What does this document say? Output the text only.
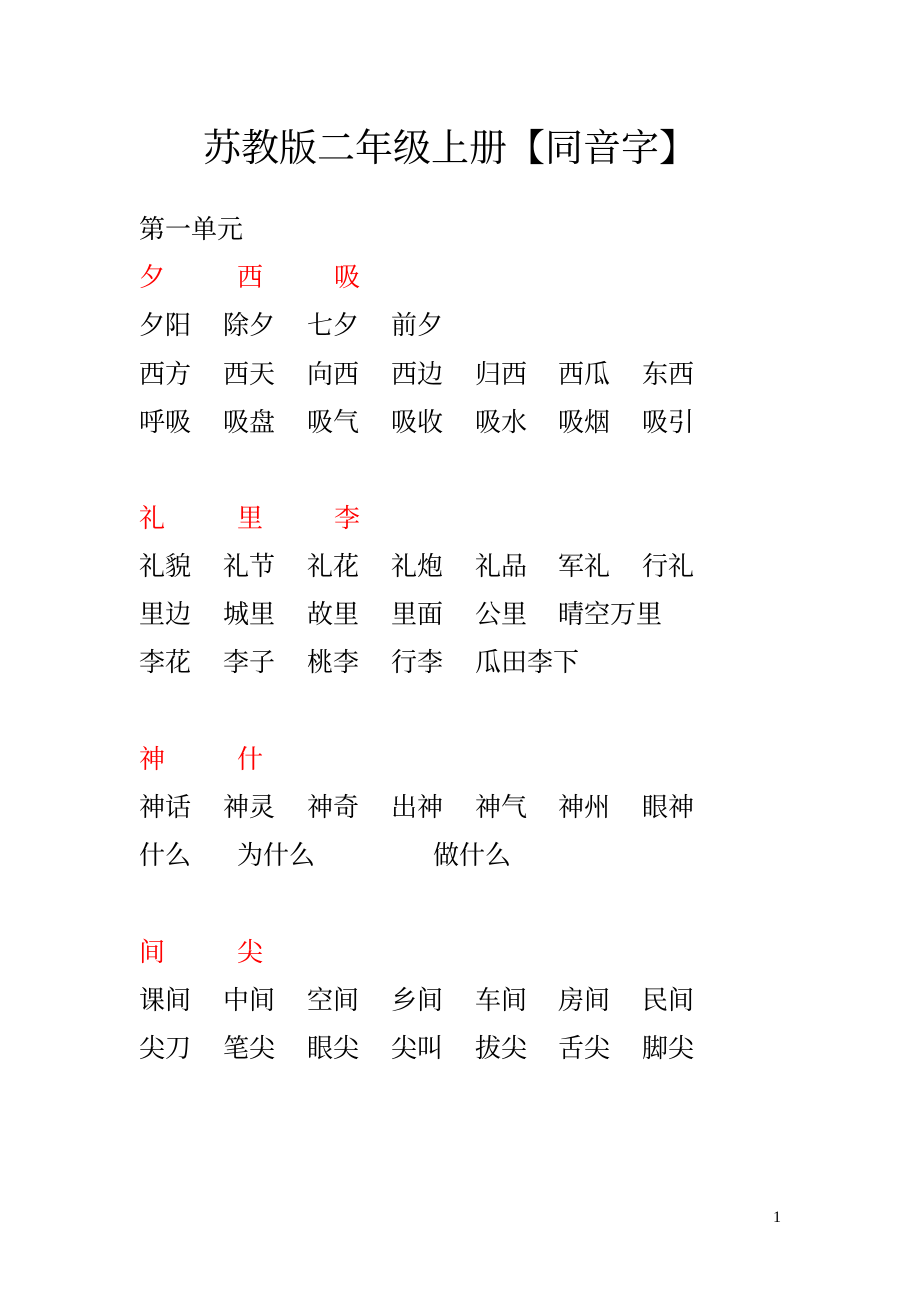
苏教版二年级上册【同音字】
第一单元
夕	西	吸
夕阳 除夕 七夕 前夕
西方 西天 向西 西边 归西 西瓜 东西
呼吸 吸盘 吸气 吸收 吸水 吸烟 吸引
礼	里	李
礼貌 礼节 礼花 礼炮 礼品 军礼 行礼
里边 城里 故里 里面 公里 晴空万里
李花 李子 桃李 行李 瓜田李下
神	什
神话 神灵 神奇 出神 神气 神州 眼神
什么 为什么	做什么
间	尖
课间 中间 空间 乡间 车间 房间 民间
尖刀 笔尖 眼尖 尖叫 拔尖 舌尖 脚尖
1
